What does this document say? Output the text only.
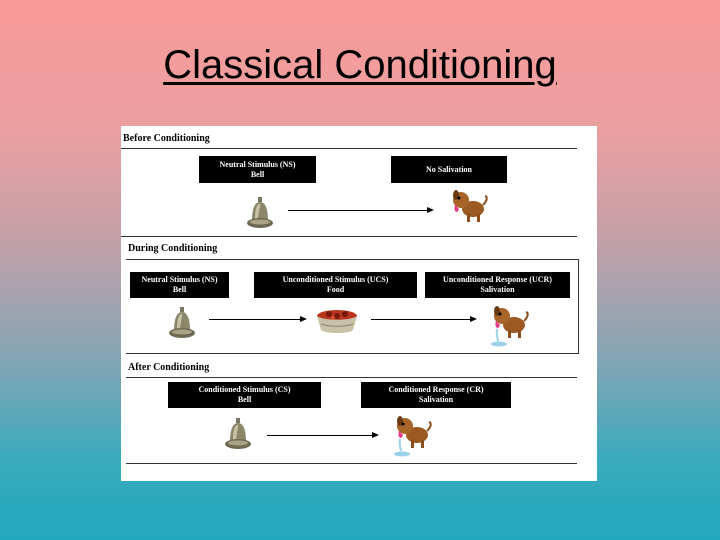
Classical Conditioning
Before Conditioning
Neutral Stimulus (NS)
Bell
No Salivation
During Conditioning
Neutral Stimulus (NS)
Bell
Unconditioned Stimulus (UCS)
Food
Unconditioned Response (UCR)
Salivation
After Conditioning
Conditioned Stimulus (CS)
Bell
Conditioned Response (CR)
Salivation
